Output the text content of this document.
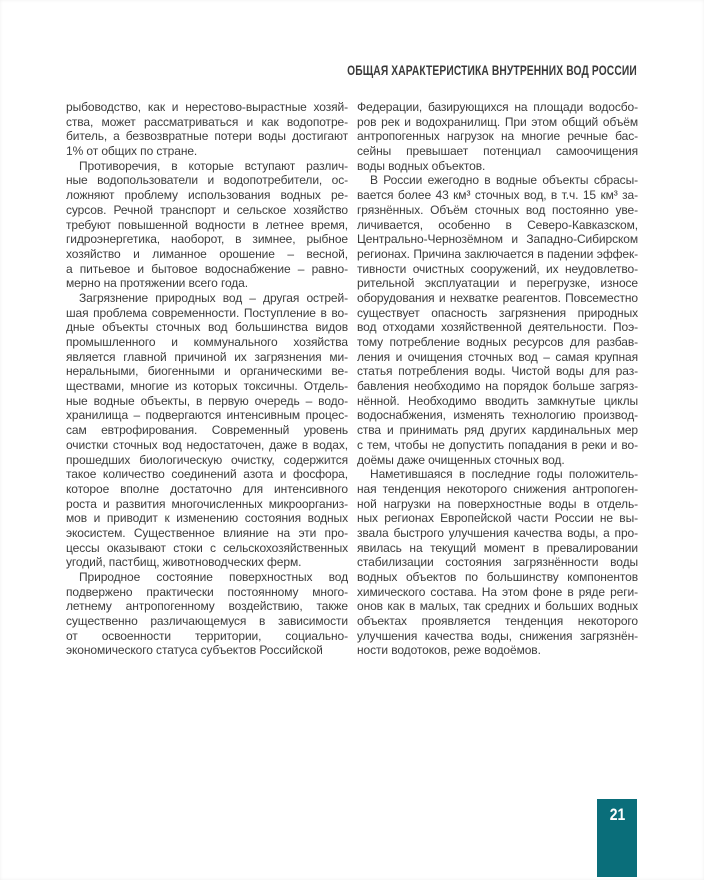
ОБЩАЯ ХАРАКТЕРИСТИКА ВНУТРЕННИХ ВОД РОССИИ
рыбоводство, как и нерестово-вырастные хозяй-
ства, может рассматриваться и как водопотре-
битель, а безвозвратные потери воды достигают
1% от общих по стране.
Противоречия, в которые вступают различ-
ные водопользователи и водопотребители, ос-
ложняют проблему использования водных ре-
сурсов. Речной транспорт и сельское хозяйство
требуют повышенной водности в летнее время,
гидроэнергетика, наоборот, в зимнее, рыбное
хозяйство и лиманное орошение – весной,
а питьевое и бытовое водоснабжение – равно-
мерно на протяжении всего года.
Загрязнение природных вод – другая острей-
шая проблема современности. Поступление в во-
дные объекты сточных вод большинства видов
промышленного и коммунального хозяйства
является главной причиной их загрязнения ми-
неральными, биогенными и органическими ве-
ществами, многие из которых токсичны. Отдель-
ные водные объекты, в первую очередь – водо-
хранилища – подвергаются интенсивным процес-
сам евтрофирования. Современный уровень
очистки сточных вод недостаточен, даже в водах,
прошедших биологическую очистку, содержится
такое количество соединений азота и фосфора,
которое вполне достаточно для интенсивного
роста и развития многочисленных микроорганиз-
мов и приводит к изменению состояния водных
экосистем. Существенное влияние на эти про-
цессы оказывают стоки с сельскохозяйственных
угодий, пастбищ, животноводческих ферм.
Природное состояние поверхностных вод
подвержено практически постоянному много-
летнему антропогенному воздействию, также
существенно различающемуся в зависимости
от освоенности территории, социально-
экономического статуса субъектов Российской
Федерации, базирующихся на площади водосбо-
ров рек и водохранилищ. При этом общий объём
антропогенных нагрузок на многие речные бас-
сейны превышает потенциал самоочищения
воды водных объектов.
В России ежегодно в водные объекты сбрасы-
вается более 43 км³ сточных вод, в т.ч. 15 км³ за-
грязнённых. Объём сточных вод постоянно уве-
личивается, особенно в Северо-Кавказском,
Центрально-Чернозёмном и Западно-Сибирском
регионах. Причина заключается в падении эффек-
тивности очистных сооружений, их неудовлетво-
рительной эксплуатации и перегрузке, износе
оборудования и нехватке реагентов. Повсеместно
существует опасность загрязнения природных
вод отходами хозяйственной деятельности. Поэ-
тому потребление водных ресурсов для разбав-
ления и очищения сточных вод – самая крупная
статья потребления воды. Чистой воды для раз-
бавления необходимо на порядок больше загряз-
нённой. Необходимо вводить замкнутые циклы
водоснабжения, изменять технологию производ-
ства и принимать ряд других кардинальных мер
с тем, чтобы не допустить попадания в реки и во-
доёмы даже очищенных сточных вод.
Наметившаяся в последние годы положитель-
ная тенденция некоторого снижения антропоген-
ной нагрузки на поверхностные воды в отдель-
ных регионах Европейской части России не вы-
звала быстрого улучшения качества воды, а про-
явилась на текущий момент в превалировании
стабилизации состояния загрязнённости воды
водных объектов по большинству компонентов
химического состава. На этом фоне в ряде реги-
онов как в малых, так средних и больших водных
объектах проявляется тенденция некоторого
улучшения качества воды, снижения загрязнён-
ности водотоков, реже водоёмов.
21
